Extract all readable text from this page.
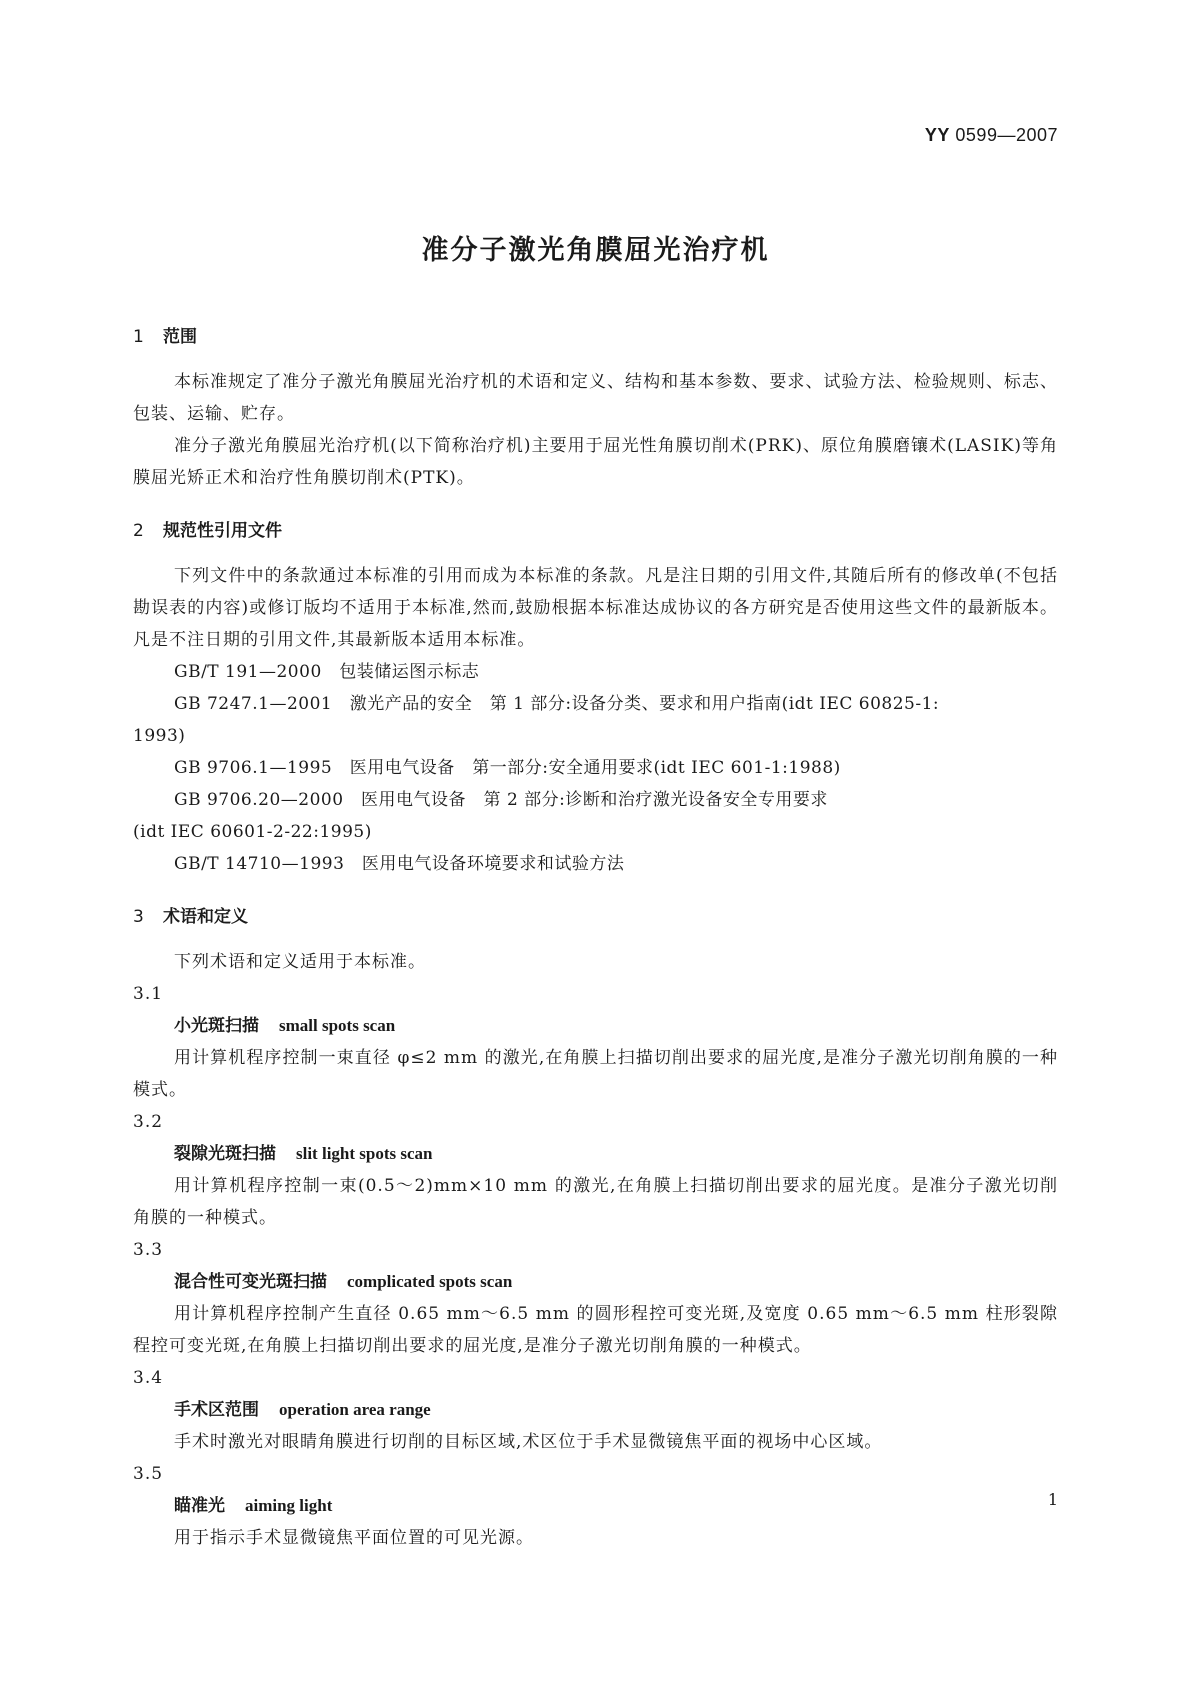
YY 0599—2007
准分子激光角膜屈光治疗机
1 范围

本标准规定了准分子激光角膜屈光治疗机的术语和定义、结构和基本参数、要求、试验方法、检验规则、标志、包装、运输、贮存。

准分子激光角膜屈光治疗机(以下简称治疗机)主要用于屈光性角膜切削术(PRK)、原位角膜磨镶术(LASIK)等角膜屈光矫正术和治疗性角膜切削术(PTK)。

2 规范性引用文件

下列文件中的条款通过本标准的引用而成为本标准的条款。凡是注日期的引用文件,其随后所有的修改单(不包括勘误表的内容)或修订版均不适用于本标准,然而,鼓励根据本标准达成协议的各方研究是否使用这些文件的最新版本。凡是不注日期的引用文件,其最新版本适用本标准。

GB/T 191—2000　包装储运图示标志

GB 7247.1—2001　激光产品的安全　第 1 部分:设备分类、要求和用户指南(idt IEC 60825-1:
1993)

GB 9706.1—1995　医用电气设备　第一部分:安全通用要求(idt IEC 601-1:1988)

GB 9706.20—2000　医用电气设备　第 2 部分:诊断和治疗激光设备安全专用要求
(idt IEC 60601-2-22:1995)

GB/T 14710—1993　医用电气设备环境要求和试验方法

3 术语和定义

下列术语和定义适用于本标准。

3.1

小光斑扫描 small spots scan

用计算机程序控制一束直径 φ≤2 mm 的激光,在角膜上扫描切削出要求的屈光度,是准分子激光切削角膜的一种模式。

3.2

裂隙光斑扫描 slit light spots scan

用计算机程序控制一束(0.5～2)mm×10 mm 的激光,在角膜上扫描切削出要求的屈光度。是准分子激光切削角膜的一种模式。

3.3

混合性可变光斑扫描 complicated spots scan

用计算机程序控制产生直径 0.65 mm～6.5 mm 的圆形程控可变光斑,及宽度 0.65 mm～6.5 mm 柱形裂隙程控可变光斑,在角膜上扫描切削出要求的屈光度,是准分子激光切削角膜的一种模式。

3.4

手术区范围 operation area range

手术时激光对眼睛角膜进行切削的目标区域,术区位于手术显微镜焦平面的视场中心区域。

3.5

瞄准光 aiming light

用于指示手术显微镜焦平面位置的可见光源。

1
